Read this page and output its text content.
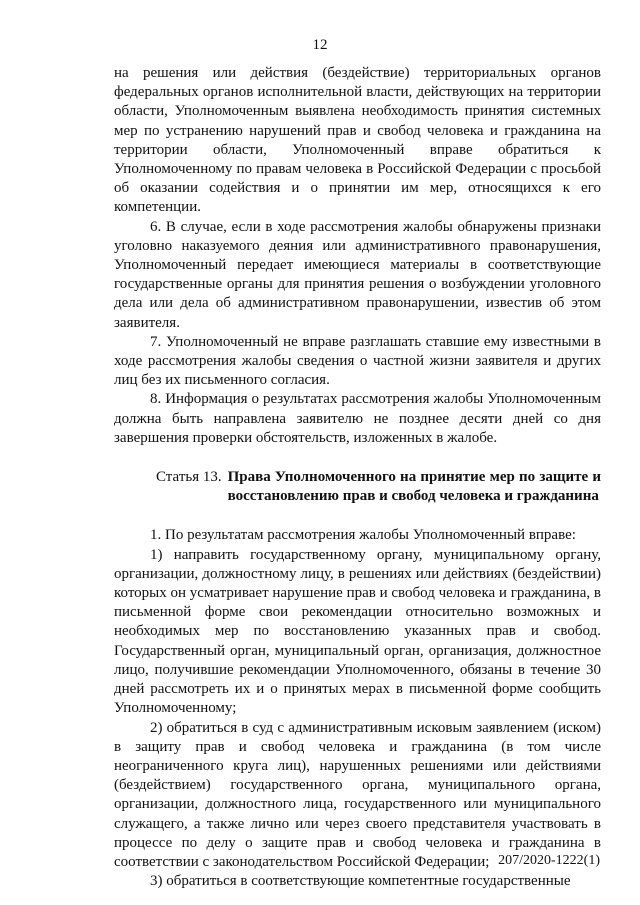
12

на решения или действия (бездействие) территориальных органов федеральных органов исполнительной власти, действующих на территории области, Уполномоченным выявлена необходимость принятия системных мер по устранению нарушений прав и свобод человека и гражданина на территории области, Уполномоченный вправе обратиться к Уполномоченному по правам человека в Российской Федерации с просьбой об оказании содействия и о принятии им мер, относящихся к его компетенции.

6. В случае, если в ходе рассмотрения жалобы обнаружены признаки уголовно наказуемого деяния или административного правонарушения, Уполномоченный передает имеющиеся материалы в соответствующие государственные органы для принятия решения о возбуждении уголовного дела или дела об административном правонарушении, известив об этом заявителя.

7. Уполномоченный не вправе разглашать ставшие ему известными в ходе рассмотрения жалобы сведения о частной жизни заявителя и других лиц без их письменного согласия.

8. Информация о результатах рассмотрения жалобы Уполномоченным должна быть направлена заявителю не позднее десяти дней со дня завершения проверки обстоятельств, изложенных в жалобе.

Статья 13. Права Уполномоченного на принятие мер по защите и восстановлению прав и свобод человека и гражданина

1. По результатам рассмотрения жалобы Уполномоченный вправе:

1) направить государственному органу, муниципальному органу, организации, должностному лицу, в решениях или действиях (бездействии) которых он усматривает нарушение прав и свобод человека и гражданина, в письменной форме свои рекомендации относительно возможных и необходимых мер по восстановлению указанных прав и свобод. Государственный орган, муниципальный орган, организация, должностное лицо, получившие рекомендации Уполномоченного, обязаны в течение 30 дней рассмотреть их и о принятых мерах в письменной форме сообщить Уполномоченному;

2) обратиться в суд с административным исковым заявлением (иском) в защиту прав и свобод человека и гражданина (в том числе неограниченного круга лиц), нарушенных решениями или действиями (бездействием) государственного органа, муниципального органа, организации, должностного лица, государственного или муниципального служащего, а также лично или через своего представителя участвовать в процессе по делу о защите прав и свобод человека и гражданина в соответствии с законодательством Российской Федерации;

3) обратиться в соответствующие компетентные государственные

207/2020-1222(1)
